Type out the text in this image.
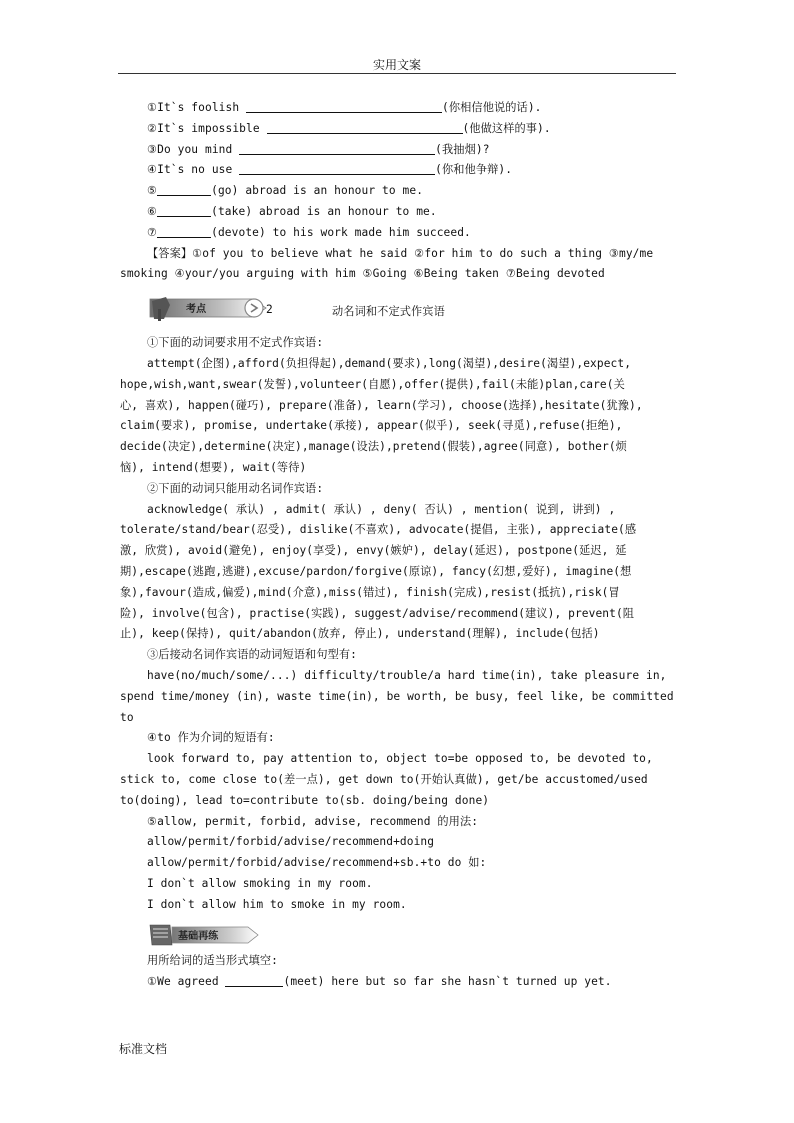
实用文案
①It`s foolish	(你相信他说的话).
②It`s impossible	(他做这样的事).
③Do you mind	(我抽烟)?
④It`s no use	(你和他争辩).
⑤	(go) abroad is an honour to me.
⑥	(take) abroad is an honour to me.
⑦	(devote) to his work made him succeed.
【答案】①of you to believe what he said ②for him to do such a thing ③my/me
smoking ④your/you arguing with him ⑤Going ⑥Being taken ⑦Being devoted
考点	2	动名词和不定式作宾语
①下面的动词要求用不定式作宾语:
attempt(企图),afford(负担得起),demand(要求),long(渴望),desire(渴望),expect,
hope,wish,want,swear(发誓),volunteer(自愿),offer(提供),fail(未能)plan,care(关
心, 喜欢), happen(碰巧), prepare(准备), learn(学习), choose(选择),hesitate(犹豫),
claim(要求), promise, undertake(承接), appear(似乎), seek(寻觅),refuse(拒绝),
decide(决定),determine(决定),manage(设法),pretend(假装),agree(同意), bother(烦
恼), intend(想要), wait(等待)
②下面的动词只能用动名词作宾语:
acknowledge( 承认) , admit( 承认) , deny( 否认) , mention( 说到, 讲到) ,
tolerate/stand/bear(忍受), dislike(不喜欢), advocate(提倡, 主张), appreciate(感
激, 欣赏), avoid(避免), enjoy(享受), envy(嫉妒), delay(延迟), postpone(延迟, 延
期),escape(逃跑,逃避),excuse/pardon/forgive(原谅), fancy(幻想,爱好), imagine(想
象),favour(造成,偏爱),mind(介意),miss(错过), finish(完成),resist(抵抗),risk(冒
险), involve(包含), practise(实践), suggest/advise/recommend(建议), prevent(阻
止), keep(保持), quit/abandon(放弃, 停止), understand(理解), include(包括)
③后接动名词作宾语的动词短语和句型有:
have(no/much/some/...) difficulty/trouble/a hard time(in), take pleasure in,
spend time/money (in), waste time(in), be worth, be busy, feel like, be committed
to
④to 作为介词的短语有:
look forward to, pay attention to, object to=be opposed to, be devoted to,
stick to, come close to(差一点), get down to(开始认真做), get/be accustomed/used
to(doing), lead to=contribute to(sb. doing/being done)
⑤allow, permit, forbid, advise, recommend 的用法:
allow/permit/forbid/advise/recommend+doing
allow/permit/forbid/advise/recommend+sb.+to do 如:
I don`t allow smoking in my room.
I don`t allow him to smoke in my room.
基础再练
用所给词的适当形式填空:
①We agreed	(meet) here but so far she hasn`t turned up yet.
标准文档
